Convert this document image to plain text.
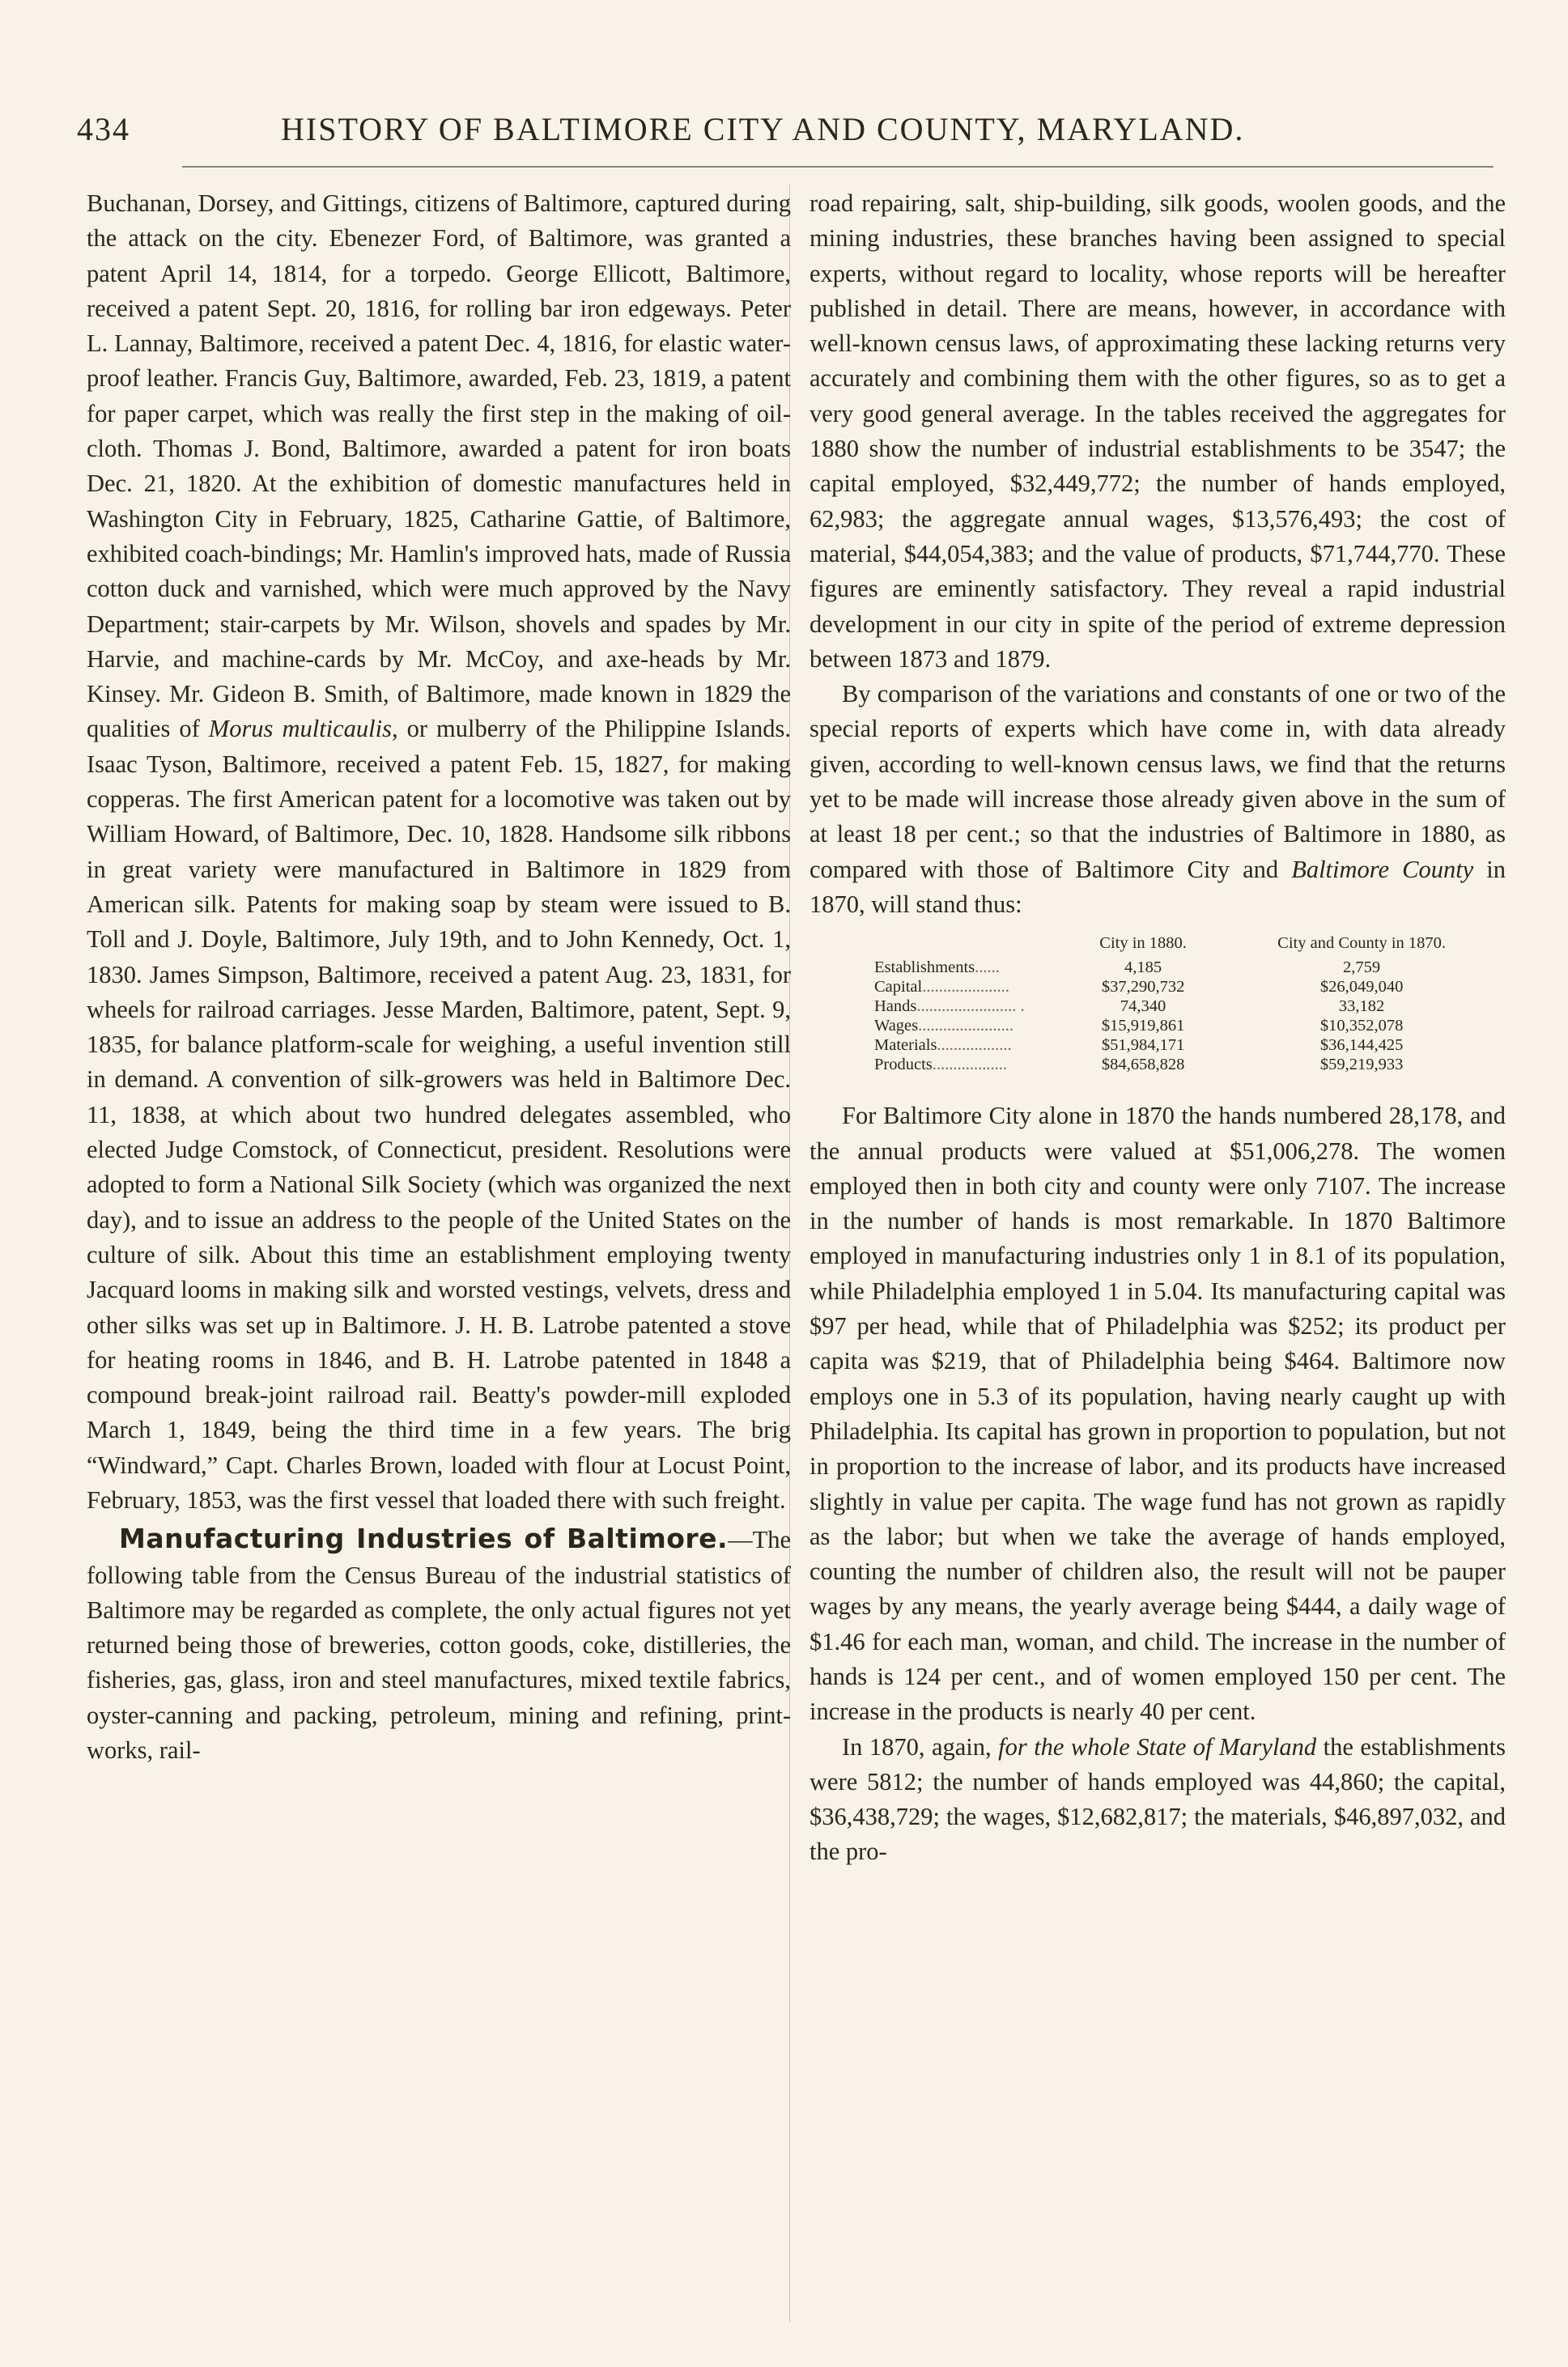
434	HISTORY OF BALTIMORE CITY AND COUNTY, MARYLAND.

Buchanan, Dorsey, and Gittings, citizens of Baltimore, captured during the attack on the city. Ebenezer Ford, of Baltimore, was granted a patent April 14, 1814, for a torpedo. George Ellicott, Baltimore, received a patent Sept. 20, 1816, for rolling bar iron edgeways. Peter L. Lannay, Baltimore, received a patent Dec. 4, 1816, for elastic water-proof leather. Francis Guy, Baltimore, awarded, Feb. 23, 1819, a patent for paper carpet, which was really the first step in the making of oil-cloth. Thomas J. Bond, Baltimore, awarded a patent for iron boats Dec. 21, 1820. At the exhibition of domestic manufactures held in Washington City in February, 1825, Catharine Gattie, of Baltimore, exhibited coach-bindings; Mr. Hamlin's improved hats, made of Russia cotton duck and varnished, which were much approved by the Navy Department; stair-carpets by Mr. Wilson, shovels and spades by Mr. Harvie, and machine-cards by Mr. McCoy, and axe-heads by Mr. Kinsey. Mr. Gideon B. Smith, of Baltimore, made known in 1829 the qualities of Morus multicaulis, or mulberry of the Philippine Islands. Isaac Tyson, Baltimore, received a patent Feb. 15, 1827, for making copperas. The first American patent for a locomotive was taken out by William Howard, of Baltimore, Dec. 10, 1828. Handsome silk ribbons in great variety were manufactured in Baltimore in 1829 from American silk. Patents for making soap by steam were issued to B. Toll and J. Doyle, Baltimore, July 19th, and to John Kennedy, Oct. 1, 1830. James Simpson, Baltimore, received a patent Aug. 23, 1831, for wheels for railroad carriages. Jesse Marden, Baltimore, patent, Sept. 9, 1835, for balance platform-scale for weighing, a useful invention still in demand. A convention of silk-growers was held in Baltimore Dec. 11, 1838, at which about two hundred delegates assembled, who elected Judge Comstock, of Connecticut, president. Resolutions were adopted to form a National Silk Society (which was organized the next day), and to issue an address to the people of the United States on the culture of silk. About this time an establishment employing twenty Jacquard looms in making silk and worsted vestings, velvets, dress and other silks was set up in Baltimore. J. H. B. Latrobe patented a stove for heating rooms in 1846, and B. H. Latrobe patented in 1848 a compound break-joint railroad rail. Beatty's powder-mill exploded March 1, 1849, being the third time in a few years. The brig “Windward,” Capt. Charles Brown, loaded with flour at Locust Point, February, 1853, was the first vessel that loaded there with such freight.

Manufacturing Industries of Baltimore.—The following table from the Census Bureau of the industrial statistics of Baltimore may be regarded as complete, the only actual figures not yet returned being those of breweries, cotton goods, coke, distilleries, the fisheries, gas, glass, iron and steel manufactures, mixed textile fabrics, oyster-canning and packing, petroleum, mining and refining, print-works, rail-

road repairing, salt, ship-building, silk goods, woolen goods, and the mining industries, these branches having been assigned to special experts, without regard to locality, whose reports will be hereafter published in detail. There are means, however, in accordance with well-known census laws, of approximating these lacking returns very accurately and combining them with the other figures, so as to get a very good general average. In the tables received the aggregates for 1880 show the number of industrial establishments to be 3547; the capital employed, $32,449,772; the number of hands employed, 62,983; the aggregate annual wages, $13,576,493; the cost of material, $44,054,383; and the value of products, $71,744,770. These figures are eminently satisfactory. They reveal a rapid industrial development in our city in spite of the period of extreme depression between 1873 and 1879.

By comparison of the variations and constants of one or two of the special reports of experts which have come in, with data already given, according to well-known census laws, we find that the returns yet to be made will increase those already given above in the sum of at least 18 per cent.; so that the industries of Baltimore in 1880, as compared with those of Baltimore City and Baltimore County in 1870, will stand thus:

	City in 1880.	City and County in 1870.
Establishments......	4,185	2,759
Capital.....................	$37,290,732	$26,049,040
Hands........................ .	74,340	33,182
Wages.......................	$15,919,861	$10,352,078
Materials..................	$51,984,171	$36,144,425
Products..................	$84,658,828	$59,219,933

For Baltimore City alone in 1870 the hands numbered 28,178, and the annual products were valued at $51,006,278. The women employed then in both city and county were only 7107. The increase in the number of hands is most remarkable. In 1870 Baltimore employed in manufacturing industries only 1 in 8.1 of its population, while Philadelphia employed 1 in 5.04. Its manufacturing capital was $97 per head, while that of Philadelphia was $252; its product per capita was $219, that of Philadelphia being $464. Baltimore now employs one in 5.3 of its population, having nearly caught up with Philadelphia. Its capital has grown in proportion to population, but not in proportion to the increase of labor, and its products have increased slightly in value per capita. The wage fund has not grown as rapidly as the labor; but when we take the average of hands employed, counting the number of children also, the result will not be pauper wages by any means, the yearly average being $444, a daily wage of $1.46 for each man, woman, and child. The increase in the number of hands is 124 per cent., and of women employed 150 per cent. The increase in the products is nearly 40 per cent.

In 1870, again, for the whole State of Maryland the establishments were 5812; the number of hands employed was 44,860; the capital, $36,438,729; the wages, $12,682,817; the materials, $46,897,032, and the pro-
